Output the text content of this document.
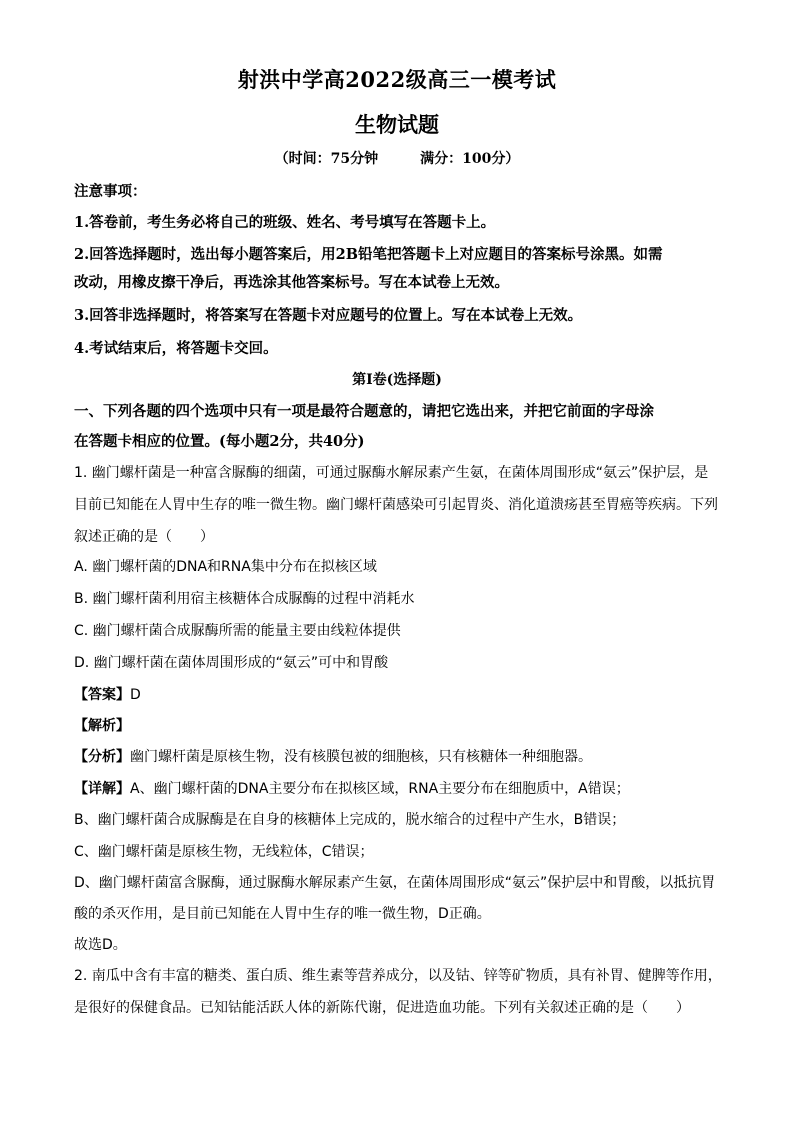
射洪中学高2022级高三一模考试
生物试题
（时间：75分钟	满分：100分）
注意事项：
1.答卷前，考生务必将自己的班级、姓名、考号填写在答题卡上。
2.回答选择题时，选出每小题答案后，用2B铅笔把答题卡上对应题目的答案标号涂黑。如需
改动，用橡皮擦干净后，再选涂其他答案标号。写在本试卷上无效。
3.回答非选择题时，将答案写在答题卡对应题号的位置上。写在本试卷上无效。
4.考试结束后，将答题卡交回。
第Ⅰ卷(选择题)
一、下列各题的四个选项中只有一项是最符合题意的，请把它选出来，并把它前面的字母涂
在答题卡相应的位置。(每小题2分，共40分)
1. 幽门螺杆菌是一种富含脲酶的细菌，可通过脲酶水解尿素产生氨，在菌体周围形成“氨云”保护层，是
目前已知能在人胃中生存的唯一微生物。幽门螺杆菌感染可引起胃炎、消化道溃疡甚至胃癌等疾病。下列
叙述正确的是（　　）
A. 幽门螺杆菌的DNA和RNA集中分布在拟核区域
B. 幽门螺杆菌利用宿主核糖体合成脲酶的过程中消耗水
C. 幽门螺杆菌合成脲酶所需的能量主要由线粒体提供
D. 幽门螺杆菌在菌体周围形成的“氨云”可中和胃酸
【答案】D
【解析】
【分析】幽门螺杆菌是原核生物，没有核膜包被的细胞核，只有核糖体一种细胞器。
【详解】A、幽门螺杆菌的DNA主要分布在拟核区域，RNA主要分布在细胞质中，A错误；
B、幽门螺杆菌合成脲酶是在自身的核糖体上完成的，脱水缩合的过程中产生水，B错误；
C、幽门螺杆菌是原核生物，无线粒体，C错误；
D、幽门螺杆菌富含脲酶，通过脲酶水解尿素产生氨，在菌体周围形成“氨云”保护层中和胃酸，以抵抗胃
酸的杀灭作用，是目前已知能在人胃中生存的唯一微生物，D正确。
故选D。
2. 南瓜中含有丰富的糖类、蛋白质、维生素等营养成分，以及钴、锌等矿物质，具有补胃、健脾等作用，
是很好的保健食品。已知钴能活跃人体的新陈代谢，促进造血功能。下列有关叙述正确的是（　　）
